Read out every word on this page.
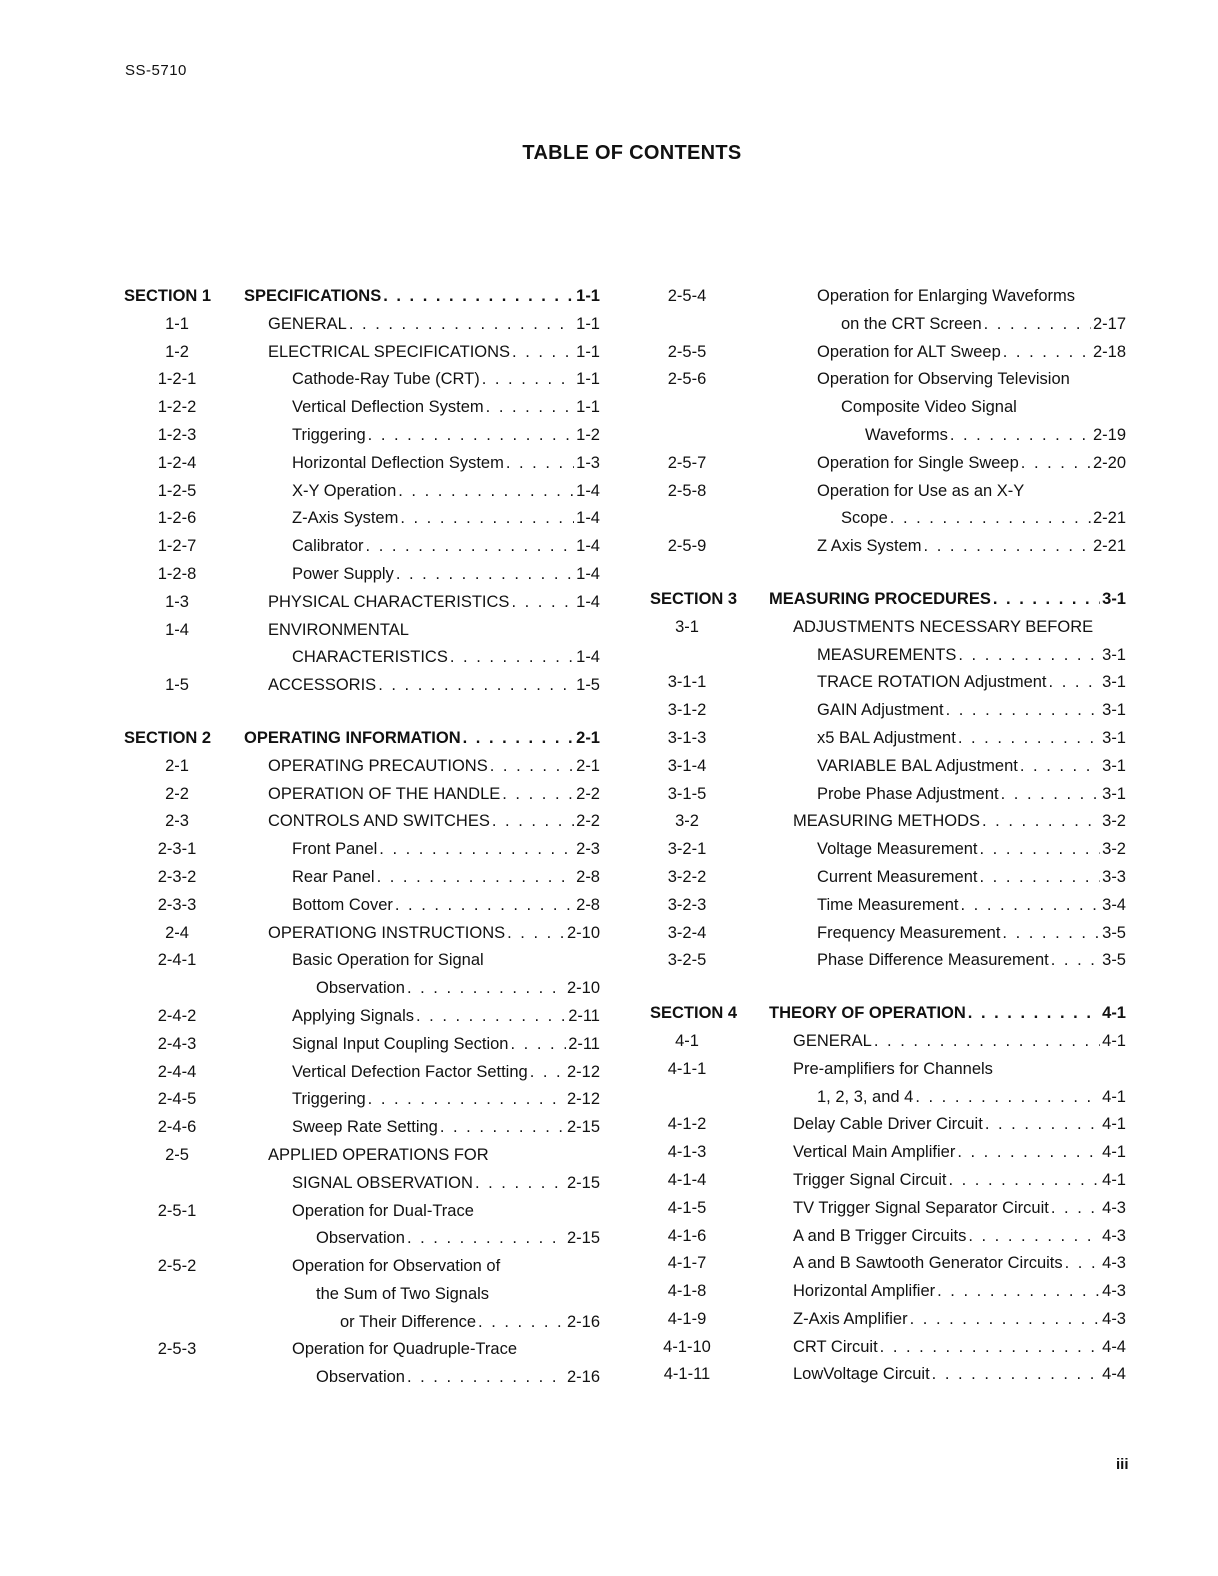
SS-5710
TABLE OF CONTENTS
SECTION 1 SPECIFICATIONS . . .	1-1
1-1	GENERAL . . .	1-1
1-2	ELECTRICAL SPECIFICATIONS . . .	1-1
1-2-1	Cathode-Ray Tube (CRT) . . .	1-1
1-2-2	Vertical Deflection System . . .	1-1
1-2-3	Triggering . . .	1-2
1-2-4	Horizontal Deflection System . . .	1-3
1-2-5	X-Y Operation . . .	1-4
1-2-6	Z-Axis System . . .	1-4
1-2-7	Calibrator . . .	1-4
1-2-8	Power Supply . . .	1-4
1-3	PHYSICAL CHARACTERISTICS . . .	1-4
1-4	ENVIRONMENTAL
CHARACTERISTICS . . .	1-4
1-5	ACCESSORIS . . .	1-5
SECTION 2 OPERATING INFORMATION . . .	2-1
2-1	OPERATING PRECAUTIONS . . .	2-1
2-2	OPERATION OF THE HANDLE . . .	2-2
2-3	CONTROLS AND SWITCHES . . .	2-2
2-3-1	Front Panel . . .	2-3
2-3-2	Rear Panel . . .	2-8
2-3-3	Bottom Cover . . .	2-8
2-4	OPERATIONG INSTRUCTIONS . . .	2-10
2-4-1	Basic Operation for Signal
Observation . . .	2-10
2-4-2	Applying Signals . . .	2-11
2-4-3	Signal Input Coupling Section . . .	2-11
2-4-4	Vertical Defection Factor Setting . . . 2-12
2-4-5	Triggering . . .	2-12
2-4-6	Sweep Rate Setting . . .	2-15
2-5	APPLIED OPERATIONS FOR
SIGNAL OBSERVATION . . .	2-15
2-5-1	Operation for Dual-Trace
Observation . . .	2-15
2-5-2	Operation for Observation of
the Sum of Two Signals
or Their Difference . . .	2-16
2-5-3	Operation for Quadruple-Trace
Observation . . .	2-16
2-5-4	Operation for Enlarging Waveforms
on the CRT Screen . . .	2-17
2-5-5	Operation for ALT Sweep . . .	2-18
2-5-6	Operation for Observing Television
Composite Video Signal
Waveforms . . .	2-19
2-5-7	Operation for Single Sweep . . .	2-20
2-5-8	Operation for Use as an X-Y
Scope . . .	2-21
2-5-9	Z Axis System . . .	2-21
SECTION 3 MEASURING PROCEDURES . . .	3-1
3-1	ADJUSTMENTS NECESSARY BEFORE
MEASUREMENTS . . .	3-1
3-1-1	TRACE ROTATION Adjustment . . .	3-1
3-1-2	GAIN Adjustment . . .	3-1
3-1-3	x5 BAL Adjustment . . .	3-1
3-1-4	VARIABLE BAL Adjustment . . .	3-1
3-1-5	Probe Phase Adjustment . . .	3-1
3-2	MEASURING METHODS . . .	3-2
3-2-1	Voltage Measurement . . .	3-2
3-2-2	Current Measurement . . .	3-3
3-2-3	Time Measurement . . .	3-4
3-2-4	Frequency Measurement . . .	3-5
3-2-5	Phase Difference Measurement . . .	3-5
SECTION 4 THEORY OF OPERATION . . .	4-1
4-1	GENERAL . . .	4-1
4-1-1	Pre-amplifiers for Channels
1, 2, 3, and 4 . . .	4-1
4-1-2	Delay Cable Driver Circuit . . .	4-1
4-1-3	Vertical Main Amplifier . . .	4-1
4-1-4	Trigger Signal Circuit . . .	4-1
4-1-5	TV Trigger Signal Separator Circuit . . .	4-3
4-1-6	A and B Trigger Circuits . . .	4-3
4-1-7	A and B Sawtooth Generator Circuits . . . 4-3
4-1-8	Horizontal Amplifier . . .	4-3
4-1-9	Z-Axis Amplifier . . .	4-3
4-1-10	CRT Circuit . . .	4-4
4-1-11	LowVoltage Circuit . . .	4-4
iii
